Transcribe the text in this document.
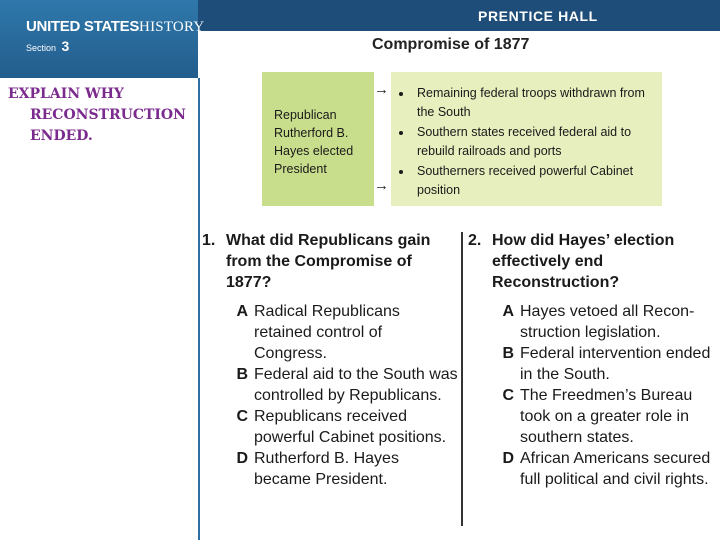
PRENTICE HALL
UNITED STATESHISTORY
Section 3
EXPLAIN WHY
RECONSTRUCTION
ENDED.
Compromise of 1877
Republican Rutherford B. Hayes elected President
→
→
• Remaining federal troops withdrawn from the South
• Southern states received federal aid to rebuild railroads and ports
• Southerners received powerful Cabinet position
1. What did Republicans gain from the Compromise of 1877?
A Radical Republicans retained control of Congress.
B Federal aid to the South was controlled by Republicans.
C Republicans received powerful Cabinet positions.
D Rutherford B. Hayes became President.
2. How did Hayes’ election effectively end Reconstruction?
A Hayes vetoed all Recon-struction legislation.
B Federal intervention ended in the South.
C The Freedmen’s Bureau took on a greater role in southern states.
D African Americans secured full political and civil rights.
